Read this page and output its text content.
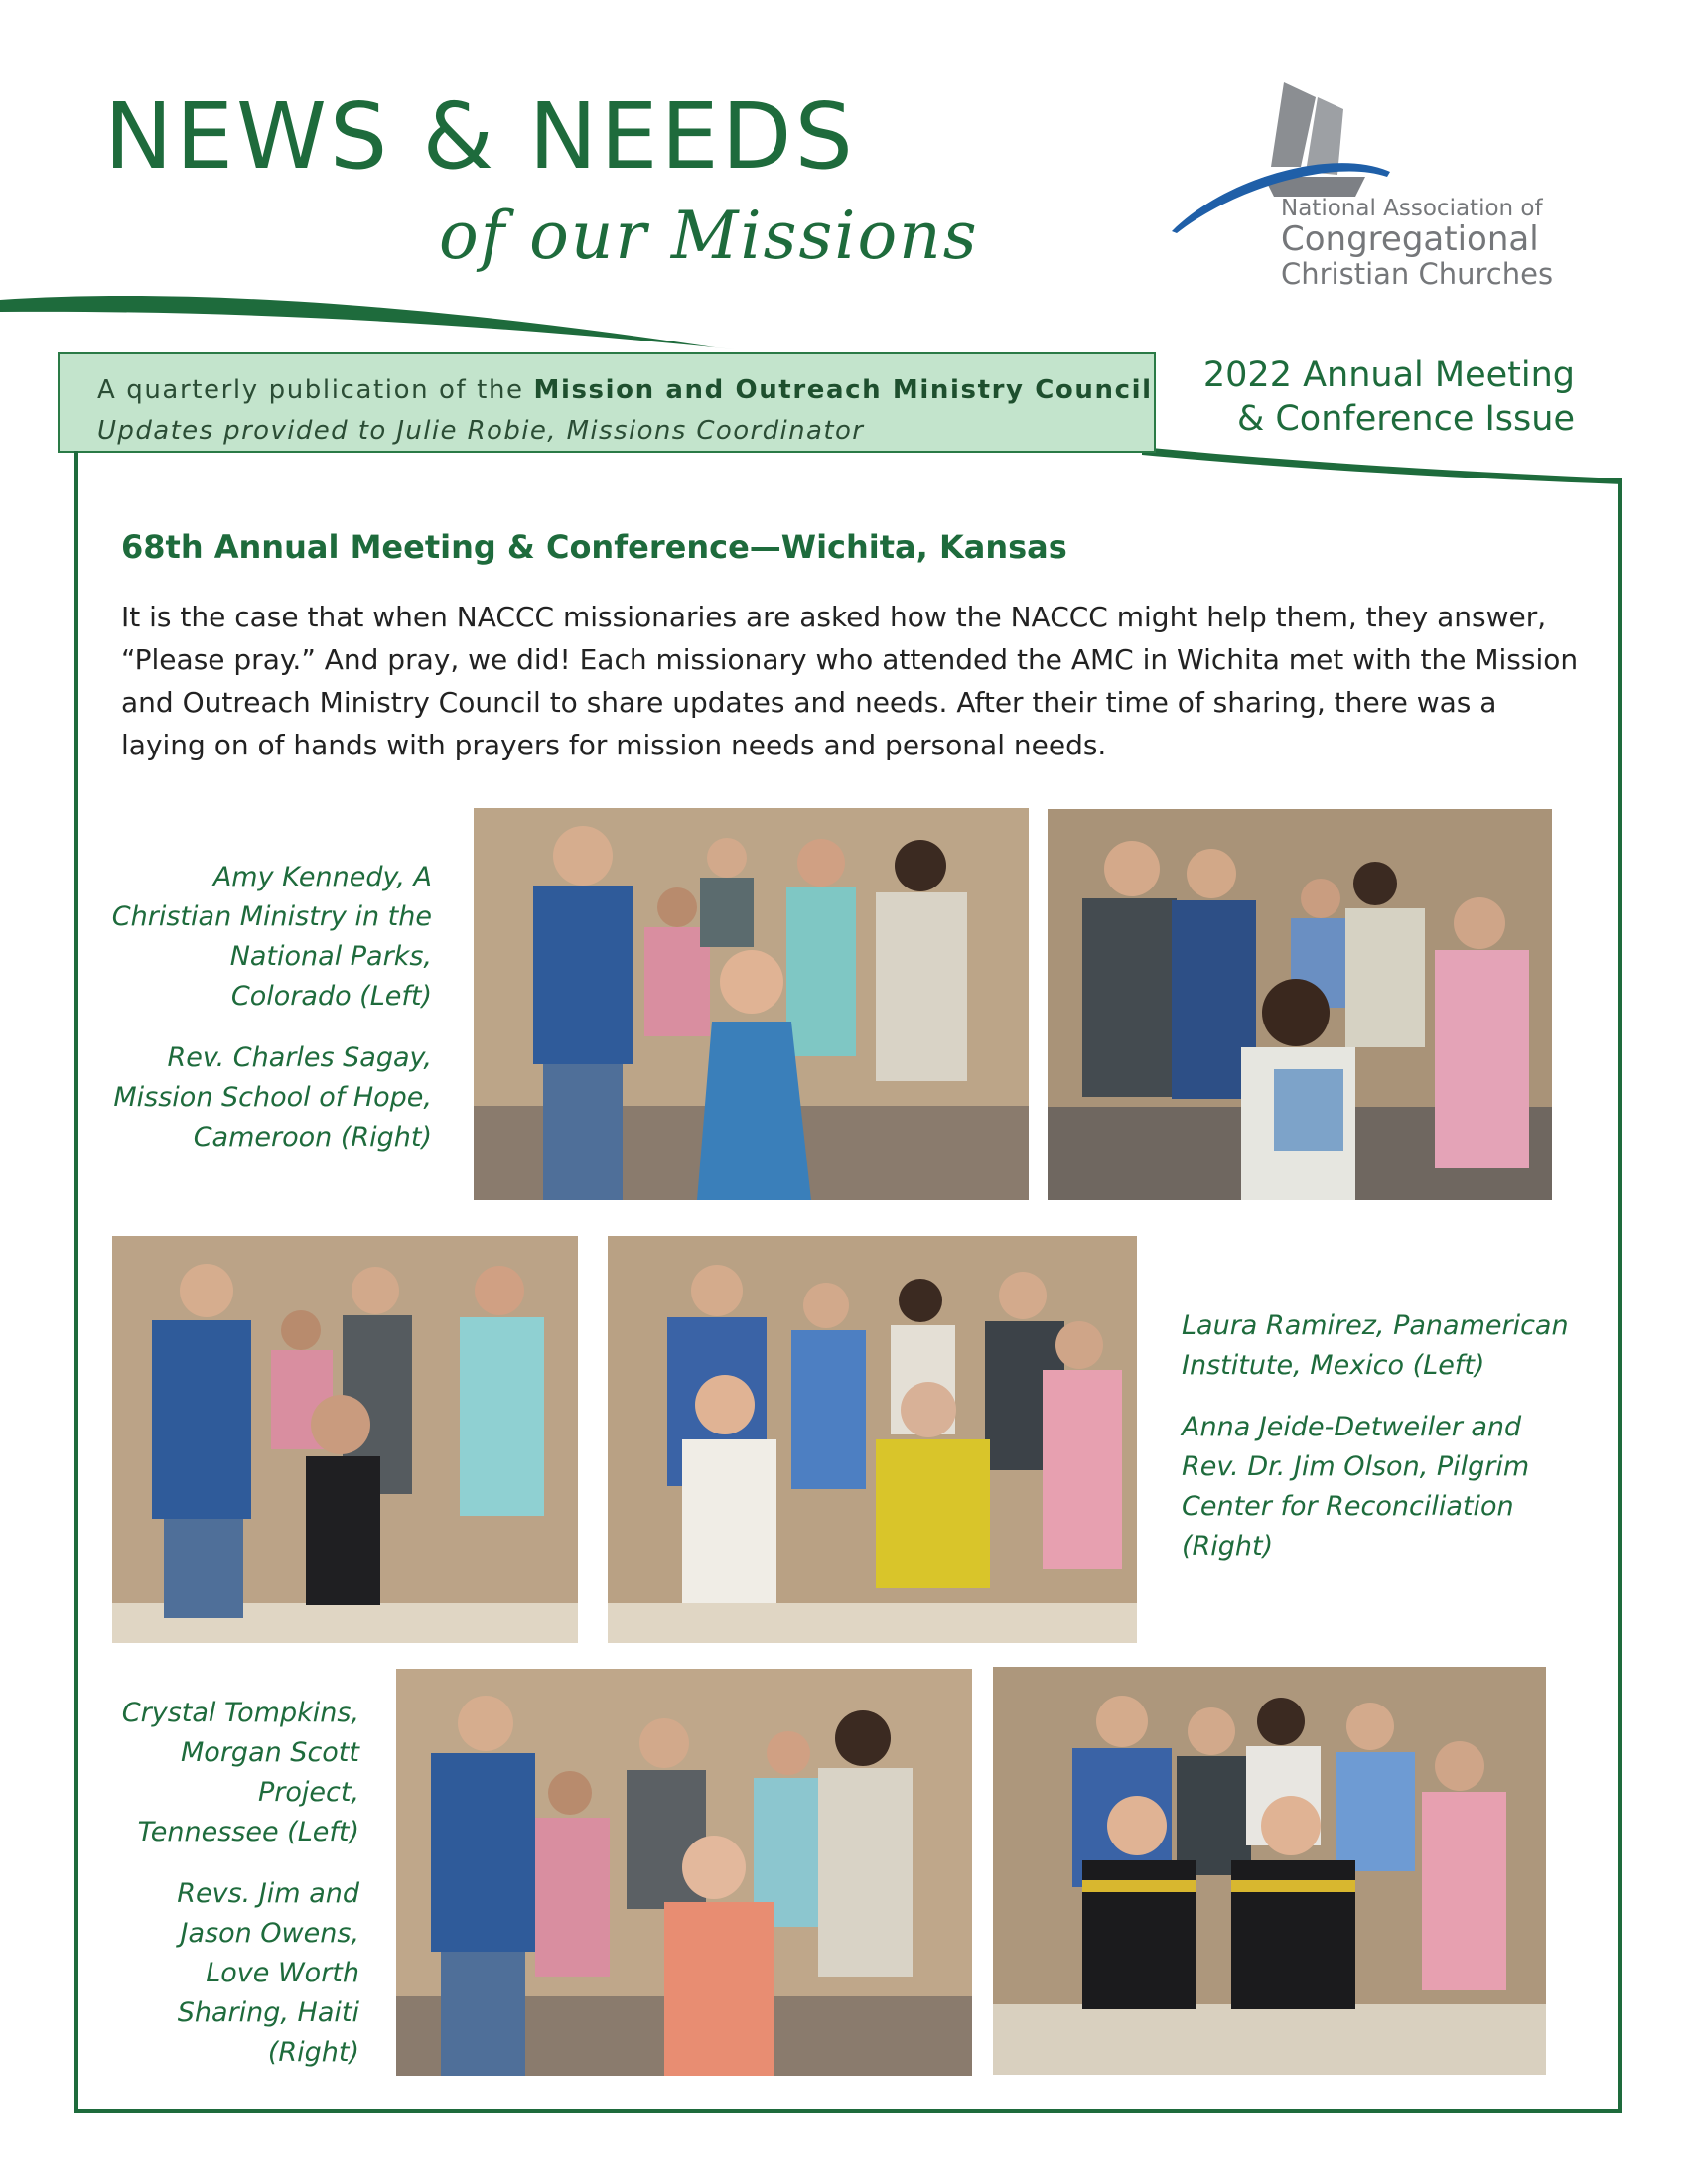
NEWS & NEEDS
of our Missions	National Association of
Congregational
Christian Churches
A quarterly publication of the Mission and Outreach Ministry Council
Updates provided to Julie Robie, Missions Coordinator
2022 Annual Meeting
& Conference Issue
68th Annual Meeting & Conference—Wichita, Kansas
It is the case that when NACCC missionaries are asked how the NACCC might help them, they answer, “Please pray.” And pray, we did! Each missionary who attended the AMC in Wichita met with the Mission and Outreach Ministry Council to share updates and needs. After their time of sharing, there was a laying on of hands with prayers for mission needs and personal needs.

Amy Kennedy, A Christian Ministry in the National Parks, Colorado (Left)

Rev. Charles Sagay, Mission School of Hope, Cameroon (Right)

Laura Ramirez, Panamerican Institute, Mexico (Left)

Anna Jeide-Detweiler and Rev. Dr. Jim Olson, Pilgrim Center for Reconciliation (Right)

Crystal Tompkins, Morgan Scott Project, Tennessee (Left)

Revs. Jim and Jason Owens, Love Worth Sharing, Haiti (Right)
